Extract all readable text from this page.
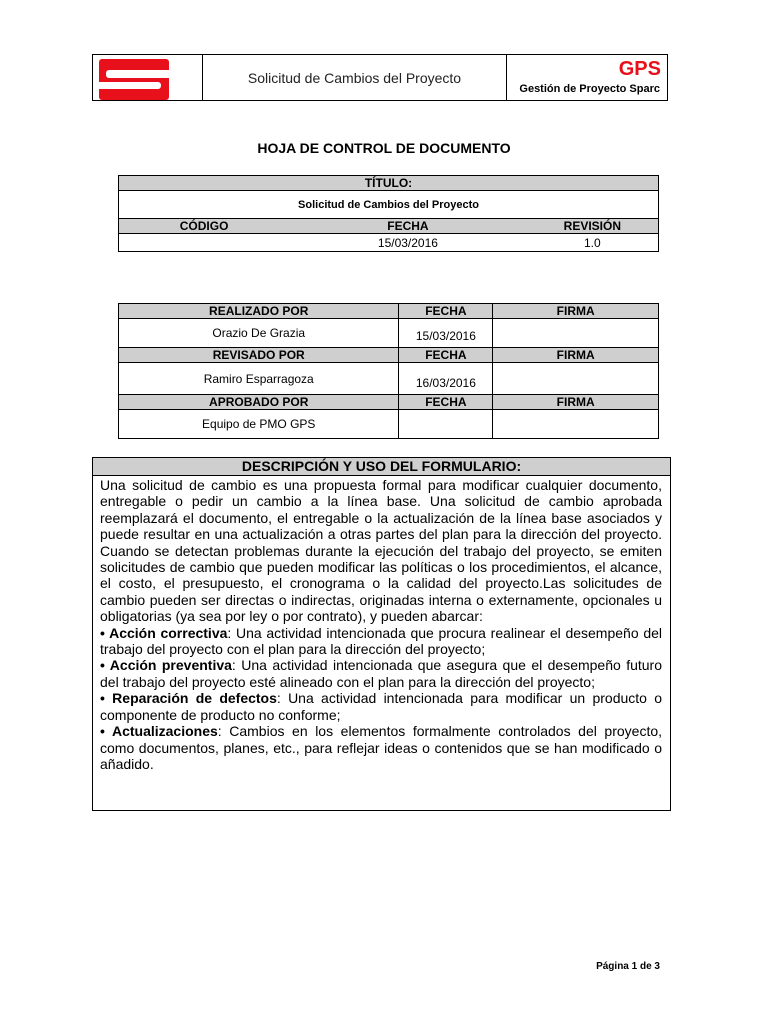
Solicitud de Cambios del Proyecto	GPS
Gestión de Proyecto Sparc
HOJA DE CONTROL DE DOCUMENTO
TÍTULO:		
Solicitud de Cambios del Proyecto		
CÓDIGO	FECHA	REVISIÓN
	15/03/2016	1.0
REALIZADO POR	FECHA	FIRMA
Orazio De Grazia	15/03/2016	
REVISADO POR	FECHA	FIRMA
Ramiro Esparragoza	16/03/2016	
APROBADO POR	FECHA	FIRMA
Equipo de PMO GPS		
DESCRIPCIÓN Y USO DEL FORMULARIO:

Una solicitud de cambio es una propuesta formal para modificar cualquier documento, entregable o pedir un cambio a la línea base. Una solicitud de cambio aprobada reemplazará el documento, el entregable o la actualización de la línea base asociados y puede resultar en una actualización a otras partes del plan para la dirección del proyecto. Cuando se detectan problemas durante la ejecución del trabajo del proyecto, se emiten solicitudes de cambio que pueden modificar las políticas o los procedimientos, el alcance, el costo, el presupuesto, el cronograma o la calidad del proyecto.Las solicitudes de cambio pueden ser directas o indirectas, originadas interna o externamente, opcionales u obligatorias (ya sea por ley o por contrato), y pueden abarcar:

• Acción correctiva: Una actividad intencionada que procura realinear el desempeño del trabajo del proyecto con el plan para la dirección del proyecto;

• Acción preventiva: Una actividad intencionada que asegura que el desempeño futuro del trabajo del proyecto esté alineado con el plan para la dirección del proyecto;

• Reparación de defectos: Una actividad intencionada para modificar un producto o componente de producto no conforme;

• Actualizaciones: Cambios en los elementos formalmente controlados del proyecto, como documentos, planes, etc., para reflejar ideas o contenidos que se han modificado o añadido.

Página 1 de 3
